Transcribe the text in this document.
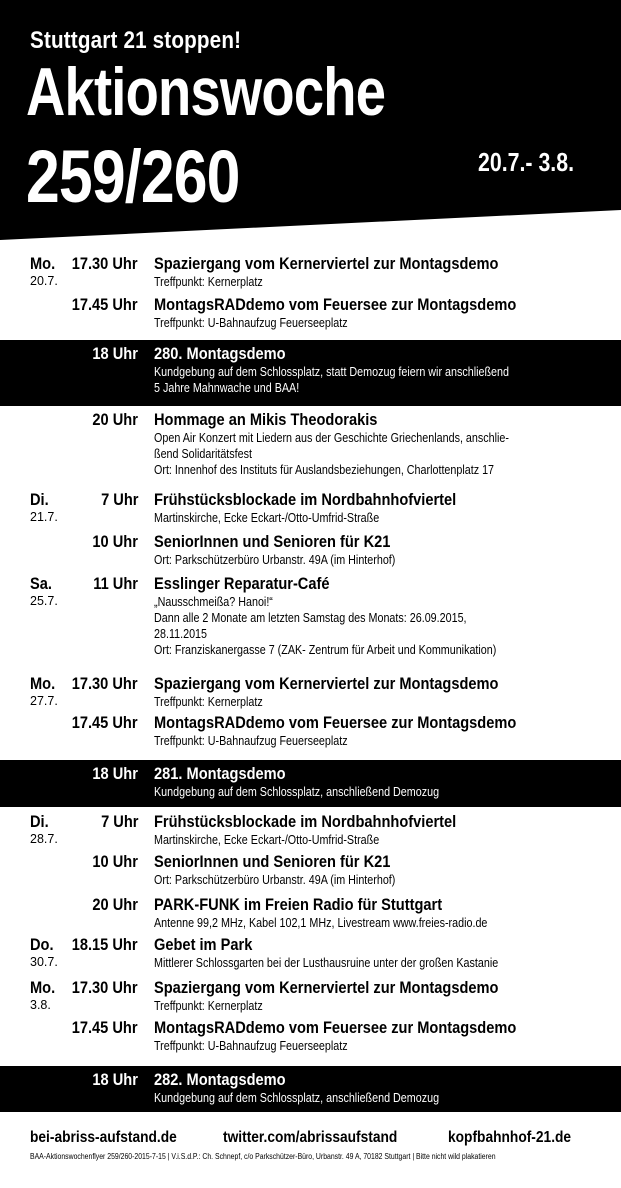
Stuttgart 21 stoppen!
Aktionswoche
259/260	20.7.- 3.8.
Mo.
20.7.
17.30 Uhr Spaziergang vom Kernerviertel zur Montagsdemo
Treffpunkt: Kernerplatz
17.45 Uhr MontagsRADdemo vom Feuersee zur Montagsdemo
Treffpunkt: U-Bahnaufzug Feuerseeplatz
18 Uhr 280. Montagsdemo
Kundgebung auf dem Schlossplatz, statt Demozug feiern wir anschließend
5 Jahre Mahnwache und BAA!
20 Uhr Hommage an Mikis Theodorakis
Open Air Konzert mit Liedern aus der Geschichte Griechenlands, anschlie-
ßend Solidaritätsfest
Ort: Innenhof des Instituts für Auslandsbeziehungen, Charlottenplatz 17
Di.
21.7.
7 Uhr Frühstücksblockade im Nordbahnhofviertel
Martinskirche, Ecke Eckart-/Otto-Umfrid-Straße
10 Uhr SeniorInnen und Senioren für K21
Ort: Parkschützerbüro Urbanstr. 49A (im Hinterhof)
Sa.
25.7.
11 Uhr Esslinger Reparatur-Café
„Nausschmeißa? Hanoi!“
Dann alle 2 Monate am letzten Samstag des Monats: 26.09.2015,
28.11.2015
Ort: Franziskanergasse 7 (ZAK- Zentrum für Arbeit und Kommunikation)
Mo.
27.7.
17.30 Uhr Spaziergang vom Kernerviertel zur Montagsdemo
Treffpunkt: Kernerplatz
17.45 Uhr MontagsRADdemo vom Feuersee zur Montagsdemo
Treffpunkt: U-Bahnaufzug Feuerseeplatz
18 Uhr 281. Montagsdemo
Kundgebung auf dem Schlossplatz, anschließend Demozug
Di.
28.7.
7 Uhr Frühstücksblockade im Nordbahnhofviertel
Martinskirche, Ecke Eckart-/Otto-Umfrid-Straße
10 Uhr SeniorInnen und Senioren für K21
Ort: Parkschützerbüro Urbanstr. 49A (im Hinterhof)
20 Uhr PARK-FUNK im Freien Radio für Stuttgart
Antenne 99,2 MHz, Kabel 102,1 MHz, Livestream www.freies-radio.de
Do.
30.7.
18.15 Uhr Gebet im Park
Mittlerer Schlossgarten bei der Lusthausruine unter der großen Kastanie
Mo.
3.8.
17.30 Uhr Spaziergang vom Kernerviertel zur Montagsdemo
Treffpunkt: Kernerplatz
17.45 Uhr MontagsRADdemo vom Feuersee zur Montagsdemo
Treffpunkt: U-Bahnaufzug Feuerseeplatz
18 Uhr 282. Montagsdemo
Kundgebung auf dem Schlossplatz, anschließend Demozug
bei-abriss-aufstand.de	twitter.com/abrissaufstand	kopfbahnhof-21.de
BAA-Aktionswochenflyer 259/260-2015-7-15 | V.i.S.d.P.: Ch. Schnepf, c/o Parkschützer-Büro, Urbanstr. 49 A, 70182 Stuttgart | Bitte nicht wild plakatieren
